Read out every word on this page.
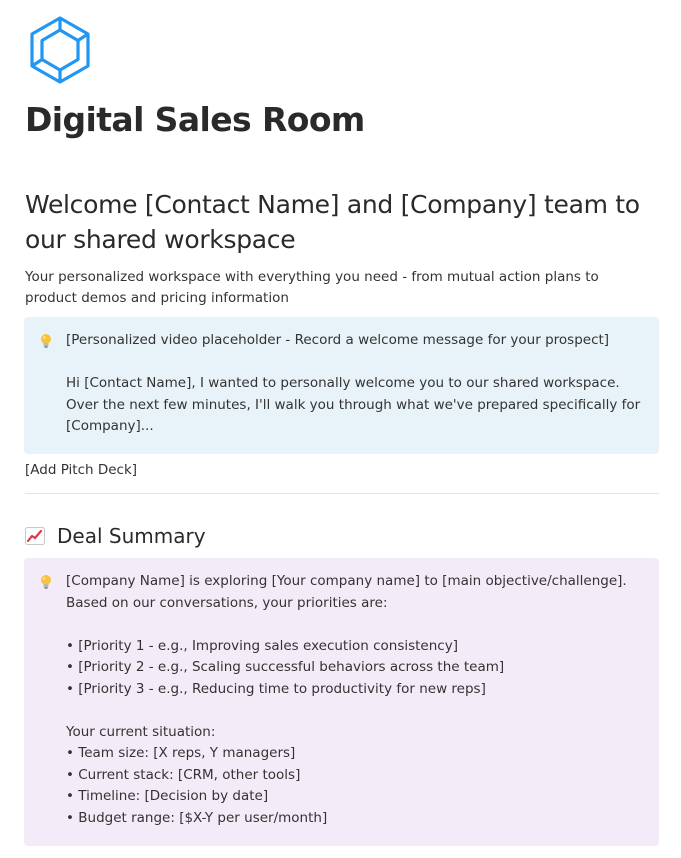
Digital Sales Room
Welcome [Contact Name] and [Company] team to our shared workspace

Your personalized workspace with everything you need - from mutual action plans to product demos and pricing information

[Personalized video placeholder - Record a welcome message for your prospect]

Hi [Contact Name], I wanted to personally welcome you to our shared workspace. Over the next few minutes, I'll walk you through what we've prepared specifically for [Company]...

[Add Pitch Deck]

Deal Summary

[Company Name] is exploring [Your company name] to [main objective/challenge]. Based on our conversations, your priorities are:

• [Priority 1 - e.g., Improving sales execution consistency]

• [Priority 2 - e.g., Scaling successful behaviors across the team]

• [Priority 3 - e.g., Reducing time to productivity for new reps]

Your current situation:

• Team size: [X reps, Y managers]

• Current stack: [CRM, other tools]

• Timeline: [Decision by date]

• Budget range: [$X-Y per user/month]
